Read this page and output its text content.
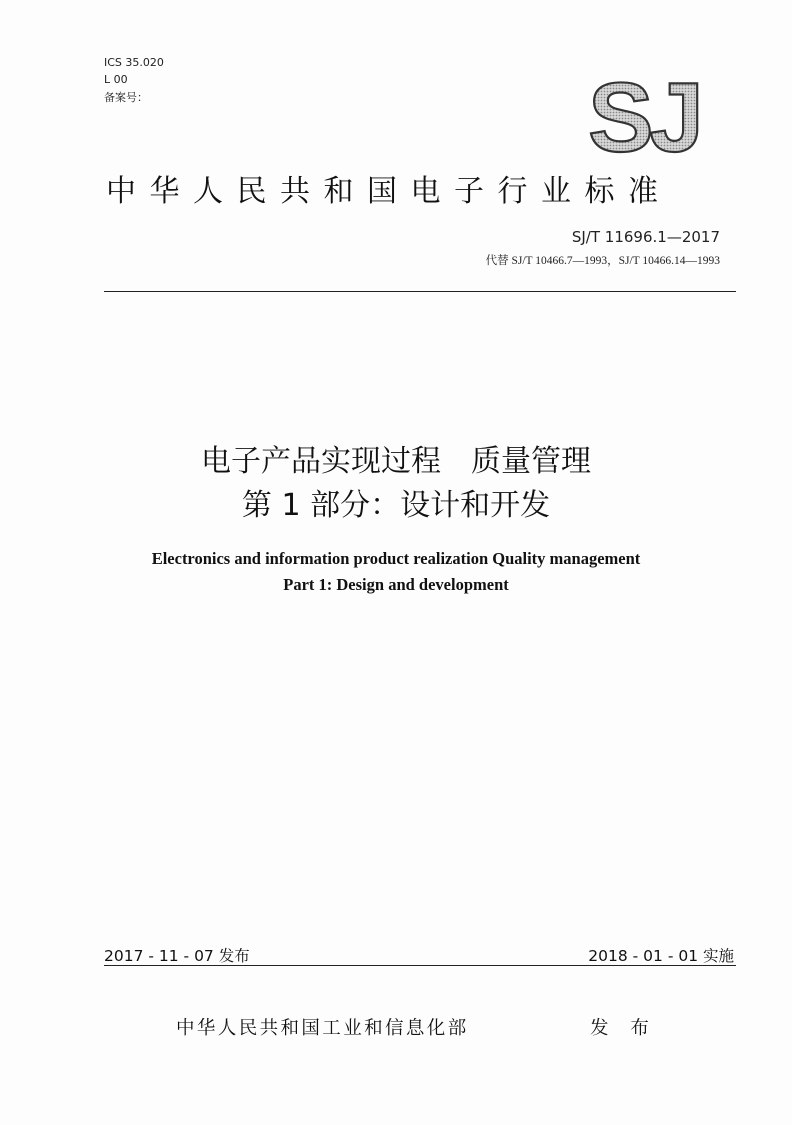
ICS 35.020
L 00
备案号：	SJ
中华人民共和国电子行业标准
SJ/T 11696.1—2017
代替 SJ/T 10466.7—1993，SJ/T 10466.14—1993
电子产品实现过程　质量管理
第 1 部分：设计和开发
Electronics and information product realization Quality management
Part 1: Design and development
2017 - 11 - 07 发布	2018 - 01 - 01 实施
中华人民共和国工业和信息化部	发 布
